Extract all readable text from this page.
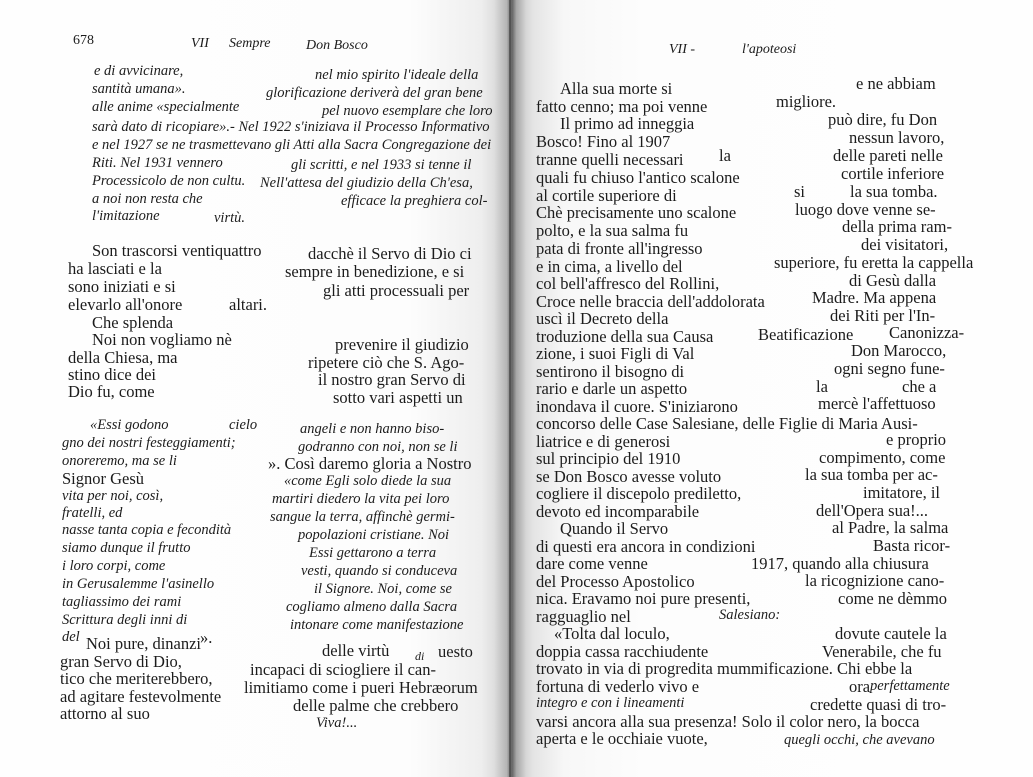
678	VII Sempre	Don Bosco
e di avvicinare,	nel mio spirito l'ideale della
santità umana».	glorificazione deriverà del gran bene
alle anime «specialmente	pel nuovo esemplare che loro
sarà dato di ricopiare».- Nel 1922 s'iniziava il Processo Informativo
e nel 1927 se ne trasmettevano gli Atti alla Sacra Congregazione dei
Riti. Nel 1931 vennero	gli scritti, e nel 1933 si tenne il
Processicolo de non cultu. Nell'attesa del giudizio della Ch'esa,
a noi non resta che	efficace la preghiera col-
l'imitazione	virtù.
Son trascorsi ventiquattro	dacchè il Servo di Dio ci
ha lasciati e la	sempre in benedizione, e si
sono iniziati e si	gli atti processuali per
elevarlo all'onore	altari.
Che splenda
Noi non vogliamo nè	prevenire il giudizio
della Chiesa, ma	ripetere ciò che S. Ago-
stino dice dei	il nostro gran Servo di
Dio fu, come	sotto vari aspetti un
«Essi godono	cielo	angeli e non hanno biso-
gno dei nostri festeggiamenti;	godranno con noi, non se li
onoreremo, ma se li	». Così daremo gloria a Nostro
Signor Gesù	«come Egli solo diede la sua
vita per noi, così,	martiri diedero la vita pei loro
fratelli, ed	sangue la terra, affinchè germi-
nasse tanta copia e fecondità	popolazioni cristiane. Noi
siamo dunque il frutto	Essi gettarono a terra
i loro corpi, come	vesti, quando si conduceva
in Gerusalemme l'asinello	il Signore. Noi, come se
tagliassimo dei rami	cogliamo almeno dalla Sacra
Scrittura degli inni di	intonare come manifestazione
del	».
Noi pure, dinanzi	delle virtù di uesto
gran Servo di Dio,	incapaci di sciogliere il can-
tico che meriterebbero, limitiamo come i pueri Hebræorum
ad agitare festevolmente	delle palme che crebbero
attorno al suo	Viva!...
VII -	l'apoteosi
Alla sua morte si	e ne abbiam
fatto cenno; ma poi venne	migliore.
Il primo ad inneggia	può dire, fu Don
Bosco! Fino al 1907	nessun lavoro,
tranne quelli necessari la	delle pareti nelle
quali fu chiuso l'antico scalone	cortile inferiore
al cortile superiore di	si	la sua tomba.
Chè precisamente uno scalone	luogo dove venne se-
polto, e la sua salma fu	della prima ram-
pata di fronte all'ingresso	dei visitatori,
e in cima, a livello del	superiore, fu eretta la cappella
col bell'affresco del Rollini,	di Gesù dalla
Croce nelle braccia dell'addolorata	Madre. Ma appena
uscì il Decreto della	dei Riti per l'In-
troduzione della sua Causa	Beatificazione Canonizza-
zione, i suoi Figli di Val	Don Marocco,
sentirono il bisogno di	ogni segno fune-
rario e darle un aspetto	la	che a
inondava il cuore. S'iniziarono	mercè l'affettuoso
concorso delle Case Salesiane, delle Figlie di Maria Ausi-
liatrice e di generosi	e proprio
sul principio del 1910	compimento, come
se Don Bosco avesse voluto	la sua tomba per ac-
cogliere il discepolo prediletto,	imitatore, il
devoto ed incomparabile	dell'Opera sua!...
Quando il Servo	al Padre, la salma
di questi era ancora in condizioni	Basta ricor-
dare come venne	1917, quando alla chiusura
del Processo Apostolico	la ricognizione cano-
nica. Eravamo noi pure presenti,	come ne dèmmo
ragguaglio nel	Salesiano:
«Tolta dal loculo,	dovute cautele la
doppia cassa racchiudente	Venerabile, che fu
trovato in via di progredita mummificazione. Chi ebbe la
fortuna di vederlo vivo e	ora perfettamente
integro e con i lineamenti	credette quasi di tro-
varsi ancora alla sua presenza! Solo il color nero, la bocca
aperta e le occhiaie vuote,	quegli occhi, che avevano
